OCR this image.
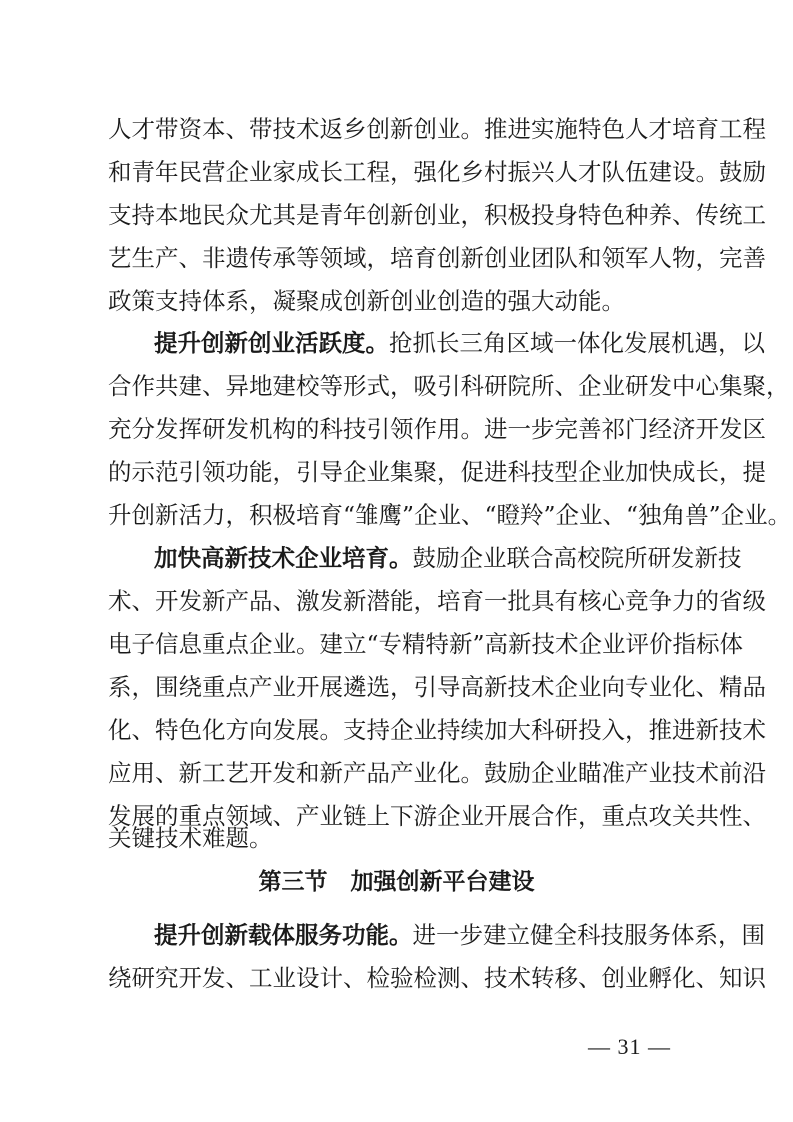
人才带资本、带技术返乡创新创业。推进实施特色人才培育工程
和青年民营企业家成长工程，强化乡村振兴人才队伍建设。鼓励
支持本地民众尤其是青年创新创业，积极投身特色种养、传统工
艺生产、非遗传承等领域，培育创新创业团队和领军人物，完善
政策支持体系，凝聚成创新创业创造的强大动能。
提升创新创业活跃度。抢抓长三角区域一体化发展机遇，以
合作共建、异地建校等形式，吸引科研院所、企业研发中心集聚，
充分发挥研发机构的科技引领作用。进一步完善祁门经济开发区
的示范引领功能，引导企业集聚，促进科技型企业加快成长，提
升创新活力，积极培育“雏鹰”企业、“瞪羚”企业、“独角兽”企业。
加快高新技术企业培育。鼓励企业联合高校院所研发新技
术、开发新产品、激发新潜能，培育一批具有核心竞争力的省级
电子信息重点企业。建立“专精特新”高新技术企业评价指标体
系，围绕重点产业开展遴选，引导高新技术企业向专业化、精品
化、特色化方向发展。支持企业持续加大科研投入，推进新技术
应用、新工艺开发和新产品产业化。鼓励企业瞄准产业技术前沿
发展的重点领域、产业链上下游企业开展合作，重点攻关共性、
关键技术难题。
第三节　加强创新平台建设
提升创新载体服务功能。进一步建立健全科技服务体系，围
绕研究开发、工业设计、检验检测、技术转移、创业孵化、知识
— 31 —
